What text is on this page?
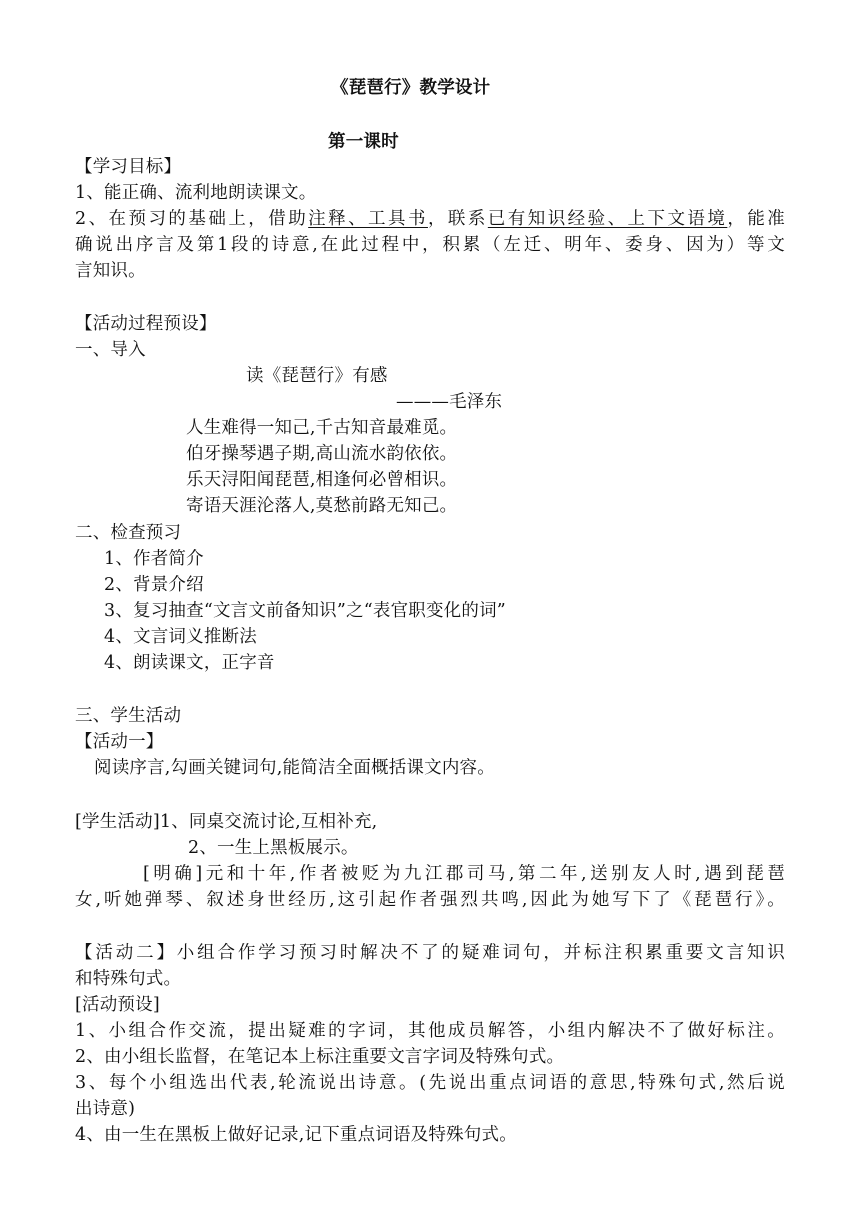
《琵琶行》教学设计
第一课时
【学习目标】
1、能正确、流利地朗读课文。
2、在预习的基础上，借助注释、工具书，联系已有知识经验、上下文语境，能准
确说出序言及第1段的诗意,在此过程中，积累（左迁、明年、委身、因为）等文
言知识。
【活动过程预设】
一、导入
读《琵琶行》有感
———毛泽东
人生难得一知己,千古知音最难觅。
伯牙操琴遇子期,高山流水韵依依。
乐天浔阳闻琵琶,相逢何必曾相识。
寄语天涯沦落人,莫愁前路无知己。
二、检查预习
1、作者简介
2、背景介绍
3、复习抽查“文言文前备知识”之“表官职变化的词”
4、文言词义推断法
4、朗读课文，正字音
三、学生活动
【活动一】
阅读序言,勾画关键词句,能简洁全面概括课文内容。
[学生活动]1、同桌交流讨论,互相补充,
2、一生上黑板展示。
[明确]元和十年,作者被贬为九江郡司马,第二年,送别友人时,遇到琵琶
女,听她弹琴、叙述身世经历,这引起作者强烈共鸣,因此为她写下了《琵琶行》。
【活动二】小组合作学习预习时解决不了的疑难词句，并标注积累重要文言知识
和特殊句式。
[活动预设]
1、小组合作交流，提出疑难的字词，其他成员解答，小组内解决不了做好标注。
2、由小组长监督，在笔记本上标注重要文言字词及特殊句式。
3、每个小组选出代表,轮流说出诗意。(先说出重点词语的意思,特殊句式,然后说
出诗意)
4、由一生在黑板上做好记录,记下重点词语及特殊句式。
